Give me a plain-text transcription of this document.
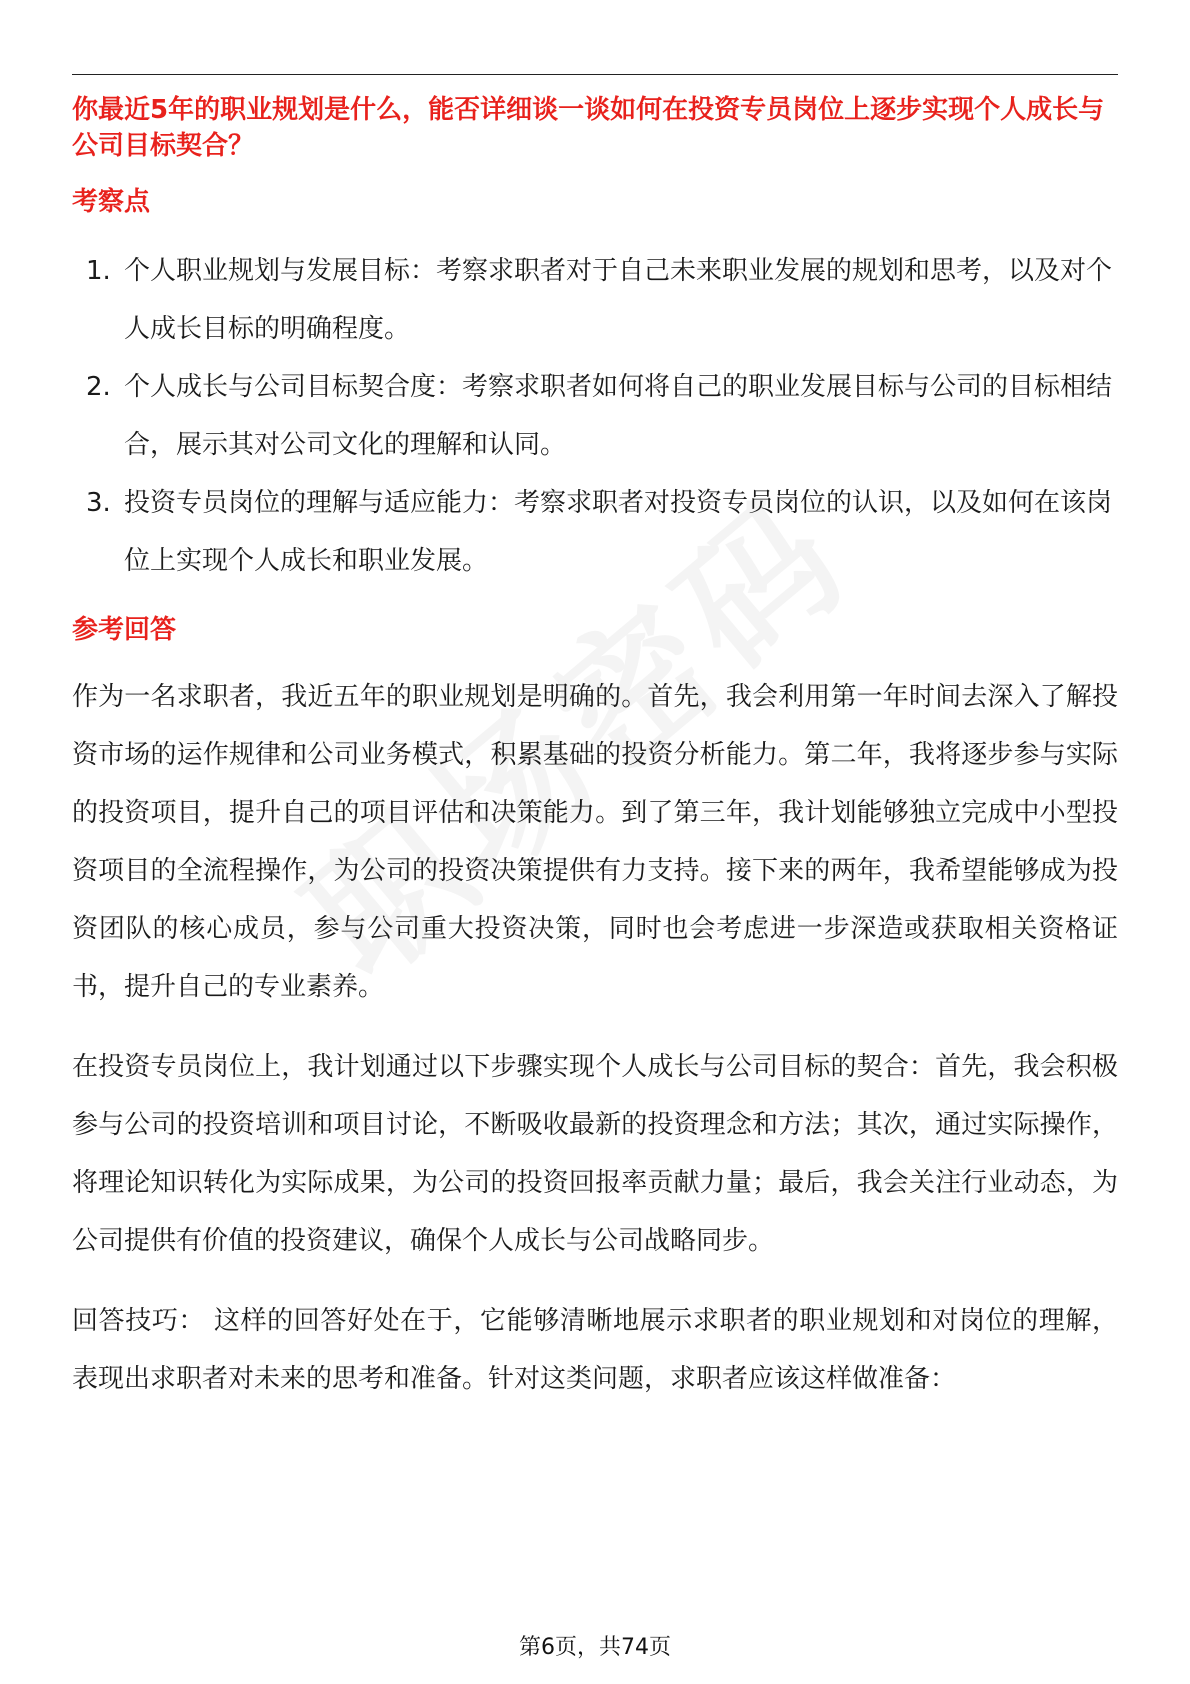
你最近5年的职业规划是什么，能否详细谈一谈如何在投资专员岗位上逐步实现个人成长与公司目标契合？

考察点

1. 个人职业规划与发展目标：考察求职者对于自己未来职业发展的规划和思考，以及对个人成长目标的明确程度。
2. 个人成长与公司目标契合度：考察求职者如何将自己的职业发展目标与公司的目标相结合，展示其对公司文化的理解和认同。
3. 投资专员岗位的理解与适应能力：考察求职者对投资专员岗位的认识，以及如何在该岗位上实现个人成长和职业发展。

参考回答

作为一名求职者，我近五年的职业规划是明确的。首先，我会利用第一年时间去深入了解投资市场的运作规律和公司业务模式，积累基础的投资分析能力。第二年，我将逐步参与实际的投资项目，提升自己的项目评估和决策能力。到了第三年，我计划能够独立完成中小型投资项目的全流程操作，为公司的投资决策提供有力支持。接下来的两年，我希望能够成为投资团队的核心成员，参与公司重大投资决策，同时也会考虑进一步深造或获取相关资格证书，提升自己的专业素养。

在投资专员岗位上，我计划通过以下步骤实现个人成长与公司目标的契合：首先，我会积极参与公司的投资培训和项目讨论，不断吸收最新的投资理念和方法；其次，通过实际操作，将理论知识转化为实际成果，为公司的投资回报率贡献力量；最后，我会关注行业动态，为公司提供有价值的投资建议，确保个人成长与公司战略同步。

回答技巧： 这样的回答好处在于，它能够清晰地展示求职者的职业规划和对岗位的理解，表现出求职者对未来的思考和准备。针对这类问题，求职者应该这样做准备：

第6页，共74页
